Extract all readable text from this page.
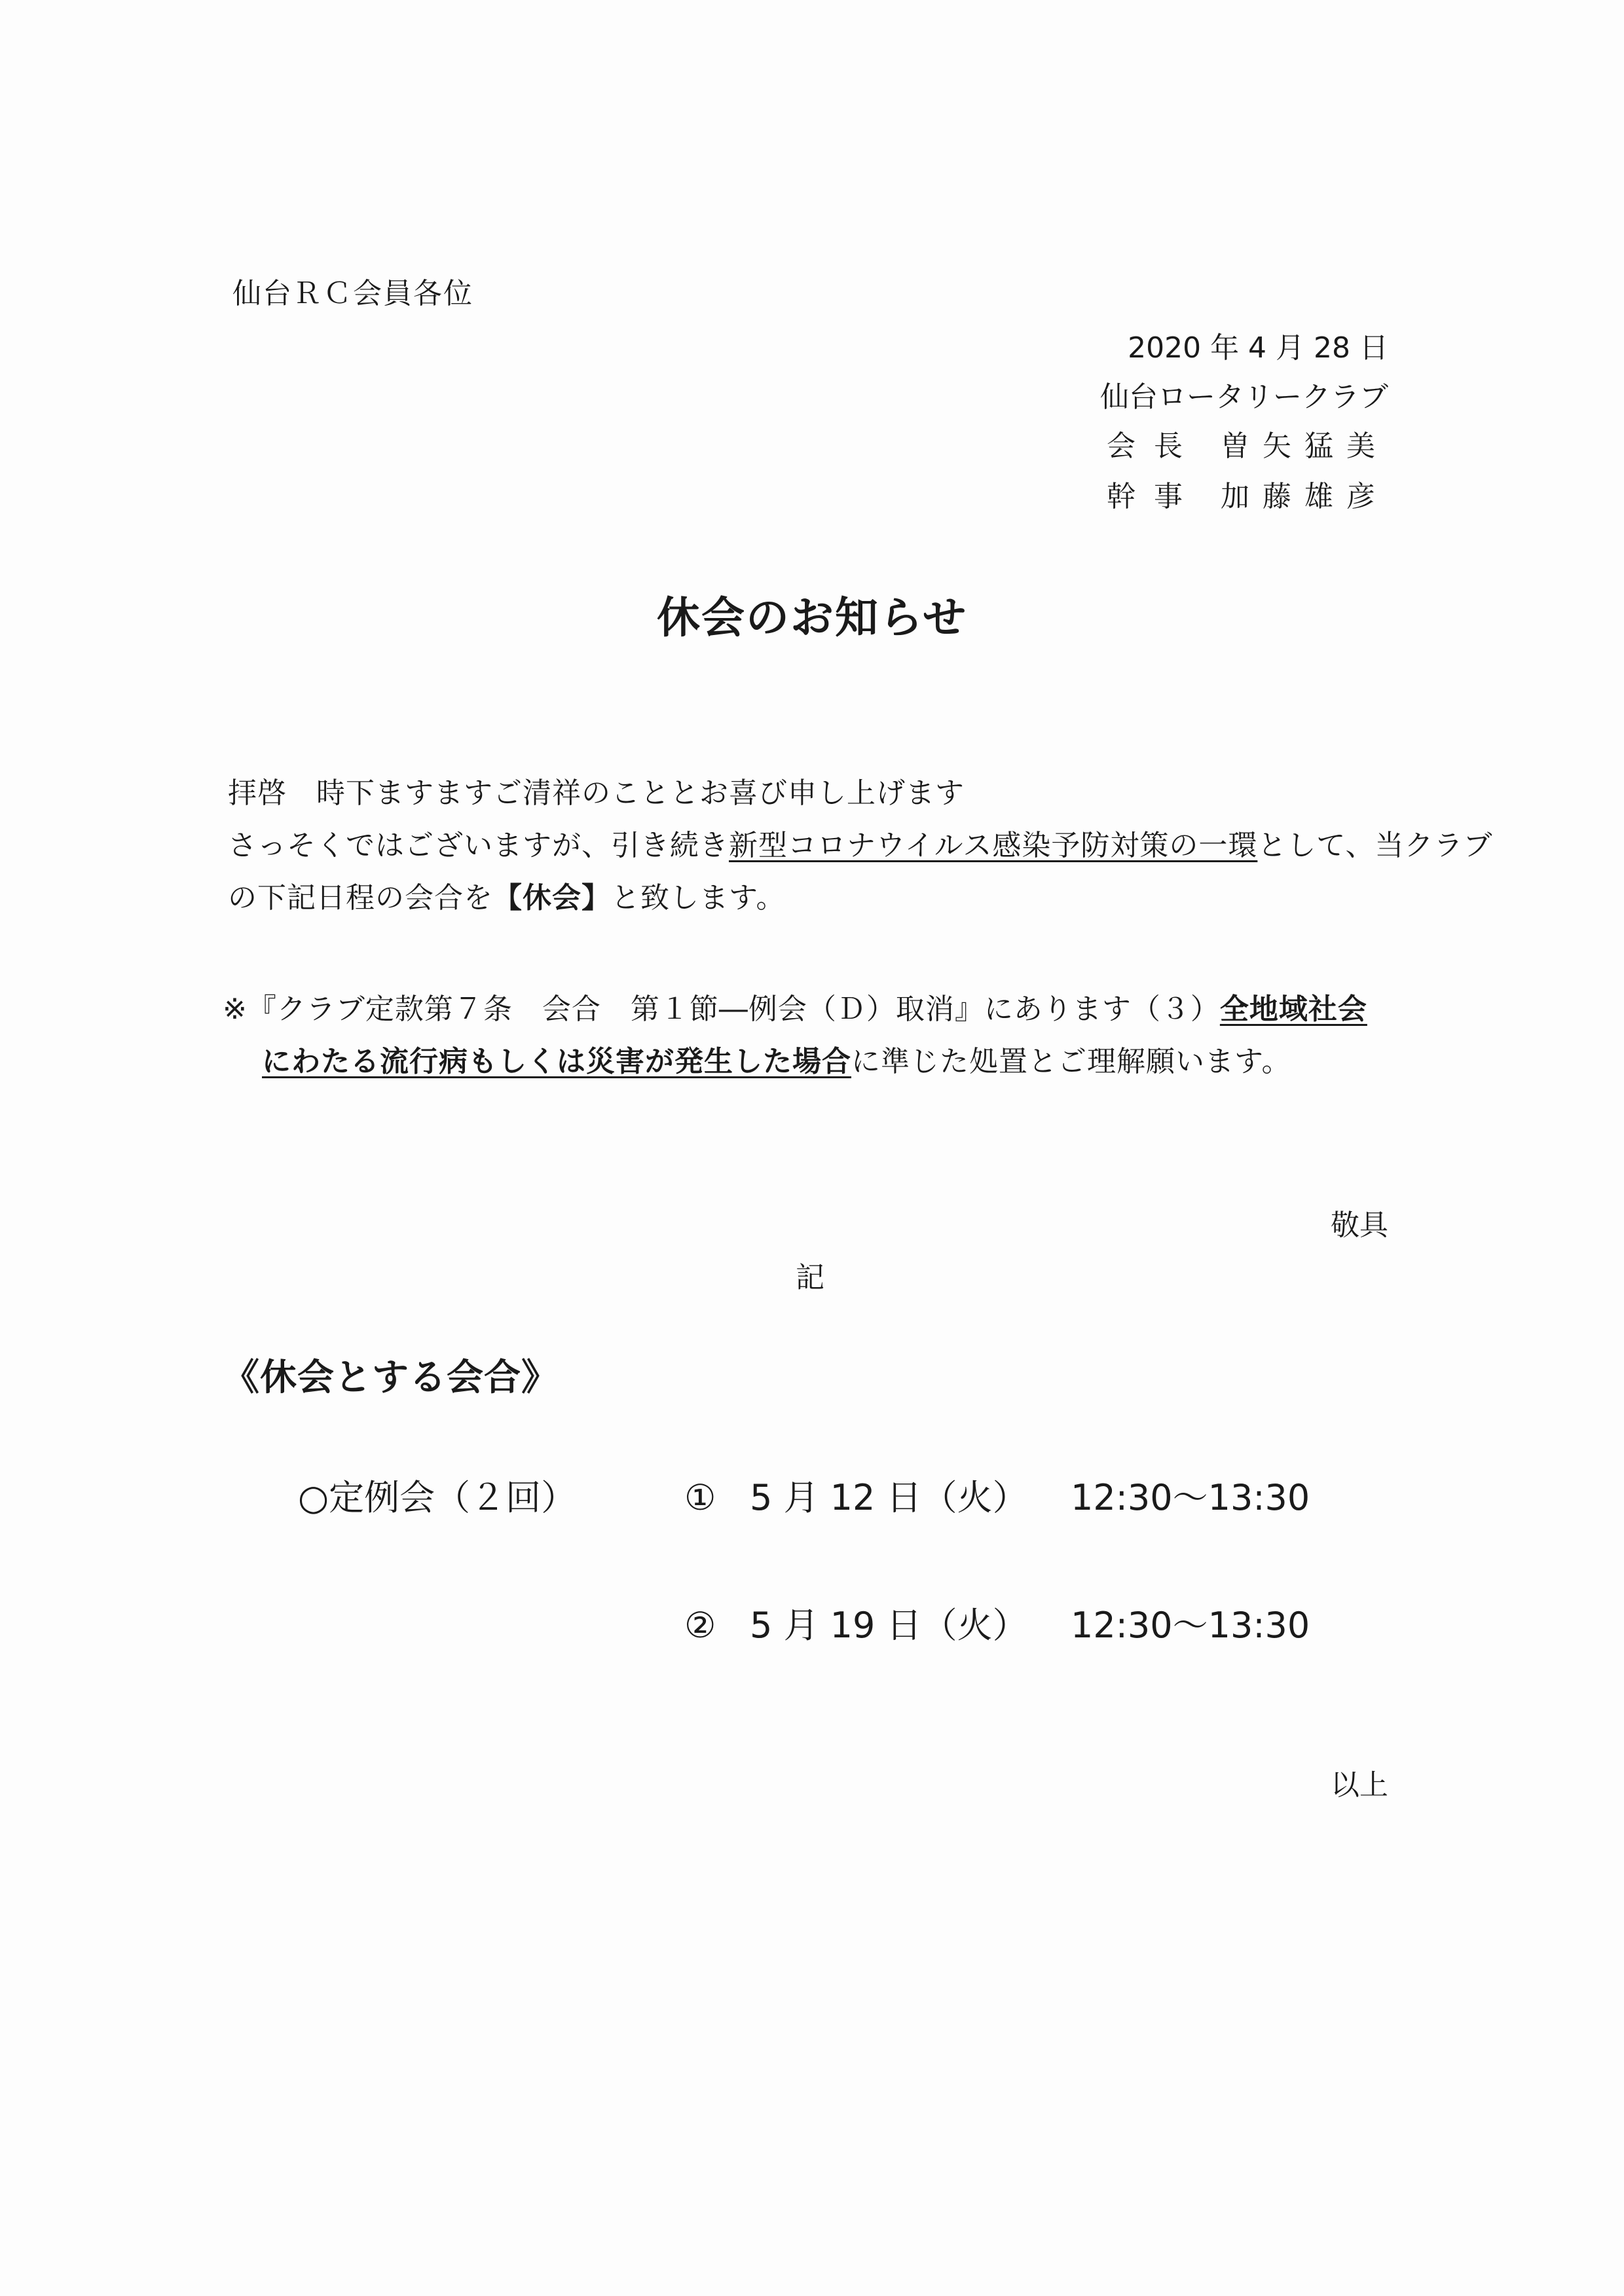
仙台ＲＣ会員各位
2020 年 4 月 28 日
仙台ロータリークラブ
会長 曽矢猛美
幹事 加藤雄彦
休会のお知らせ
拝啓　時下ますますご清祥のこととお喜び申し上げます
さっそくではございますが、引き続き新型コロナウイルス感染予防対策の一環として、当クラブ
の下記日程の会合を【休会】と致します。
※『クラブ定款第７条　会合　第１節―例会（Ｄ）取消』にあります（３）全地域社会
にわたる流行病もしくは災害が発生した場合に準じた処置とご理解願います。
敬具
記
《休会とする会合》
○定例会（２回）	① 5 月 12 日（火） 12:30～13:30
② 5 月 19 日（火） 12:30～13:30
以上
